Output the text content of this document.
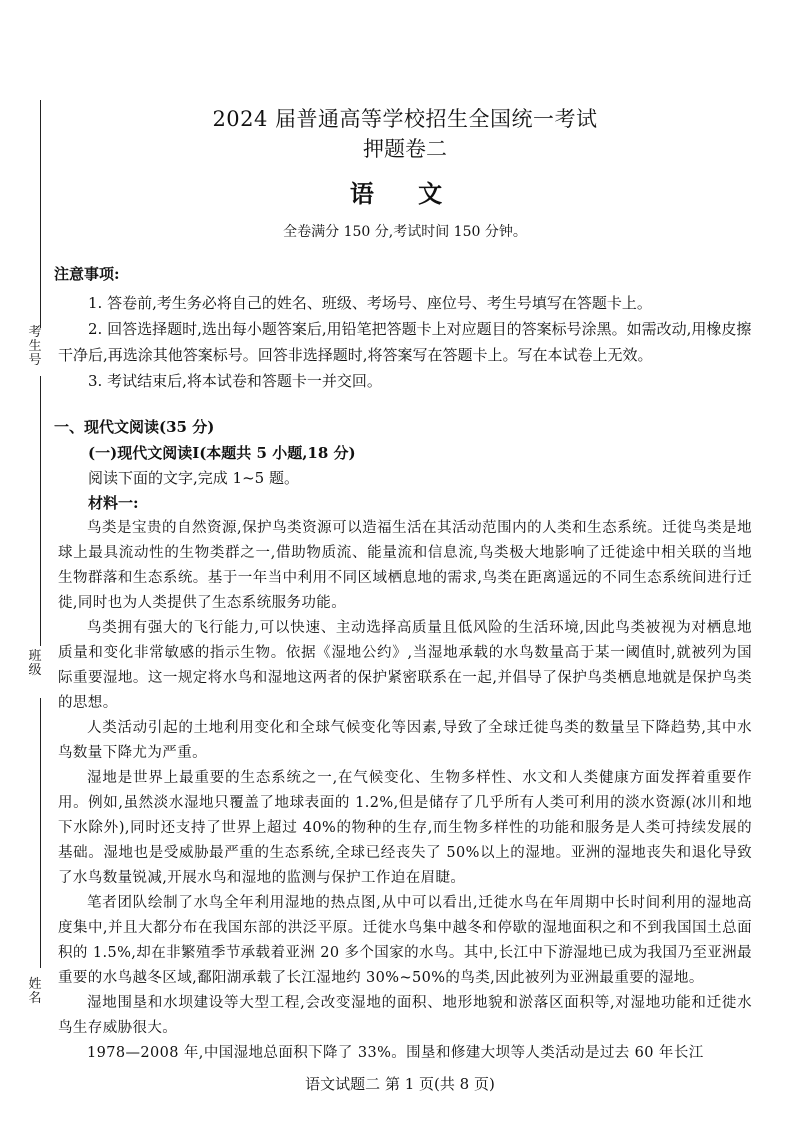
考生号
班级
姓名

2024 届普通高等学校招生全国统一考试

押题卷二

语 文

全卷满分 150 分,考试时间 150 分钟。

注意事项:

1. 答卷前,考生务必将自己的姓名、班级、考场号、座位号、考生号填写在答题卡上。

2. 回答选择题时,选出每小题答案后,用铅笔把答题卡上对应题目的答案标号涂黑。如需改动,用橡皮擦干净后,再选涂其他答案标号。回答非选择题时,将答案写在答题卡上。写在本试卷上无效。

3. 考试结束后,将本试卷和答题卡一并交回。

一、现代文阅读(35 分)

(一)现代文阅读Ⅰ(本题共 5 小题,18 分)

阅读下面的文字,完成 1~5 题。

材料一:

鸟类是宝贵的自然资源,保护鸟类资源可以造福生活在其活动范围内的人类和生态系统。迁徙鸟类是地球上最具流动性的生物类群之一,借助物质流、能量流和信息流,鸟类极大地影响了迁徙途中相关联的当地生物群落和生态系统。基于一年当中利用不同区域栖息地的需求,鸟类在距离遥远的不同生态系统间进行迁徙,同时也为人类提供了生态系统服务功能。

鸟类拥有强大的飞行能力,可以快速、主动选择高质量且低风险的生活环境,因此鸟类被视为对栖息地质量和变化非常敏感的指示生物。依据《湿地公约》,当湿地承载的水鸟数量高于某一阈值时,就被列为国际重要湿地。这一规定将水鸟和湿地这两者的保护紧密联系在一起,并倡导了保护鸟类栖息地就是保护鸟类的思想。

人类活动引起的土地利用变化和全球气候变化等因素,导致了全球迁徙鸟类的数量呈下降趋势,其中水鸟数量下降尤为严重。

湿地是世界上最重要的生态系统之一,在气候变化、生物多样性、水文和人类健康方面发挥着重要作用。例如,虽然淡水湿地只覆盖了地球表面的 1.2%,但是储存了几乎所有人类可利用的淡水资源(冰川和地下水除外),同时还支持了世界上超过 40%的物种的生存,而生物多样性的功能和服务是人类可持续发展的基础。湿地也是受威胁最严重的生态系统,全球已经丧失了 50%以上的湿地。亚洲的湿地丧失和退化导致了水鸟数量锐减,开展水鸟和湿地的监测与保护工作迫在眉睫。

笔者团队绘制了水鸟全年利用湿地的热点图,从中可以看出,迁徙水鸟在年周期中长时间利用的湿地高度集中,并且大都分布在我国东部的洪泛平原。迁徙水鸟集中越冬和停歇的湿地面积之和不到我国国土总面积的 1.5%,却在非繁殖季节承载着亚洲 20 多个国家的水鸟。其中,长江中下游湿地已成为我国乃至亚洲最重要的水鸟越冬区域,鄱阳湖承载了长江湿地约 30%~50%的鸟类,因此被列为亚洲最重要的湿地。

湿地围垦和水坝建设等大型工程,会改变湿地的面积、地形地貌和淤落区面积等,对湿地功能和迁徙水鸟生存威胁很大。

1978—2008 年,中国湿地总面积下降了 33%。围垦和修建大坝等人类活动是过去 60 年长江

语文试题二 第 1 页(共 8 页)
